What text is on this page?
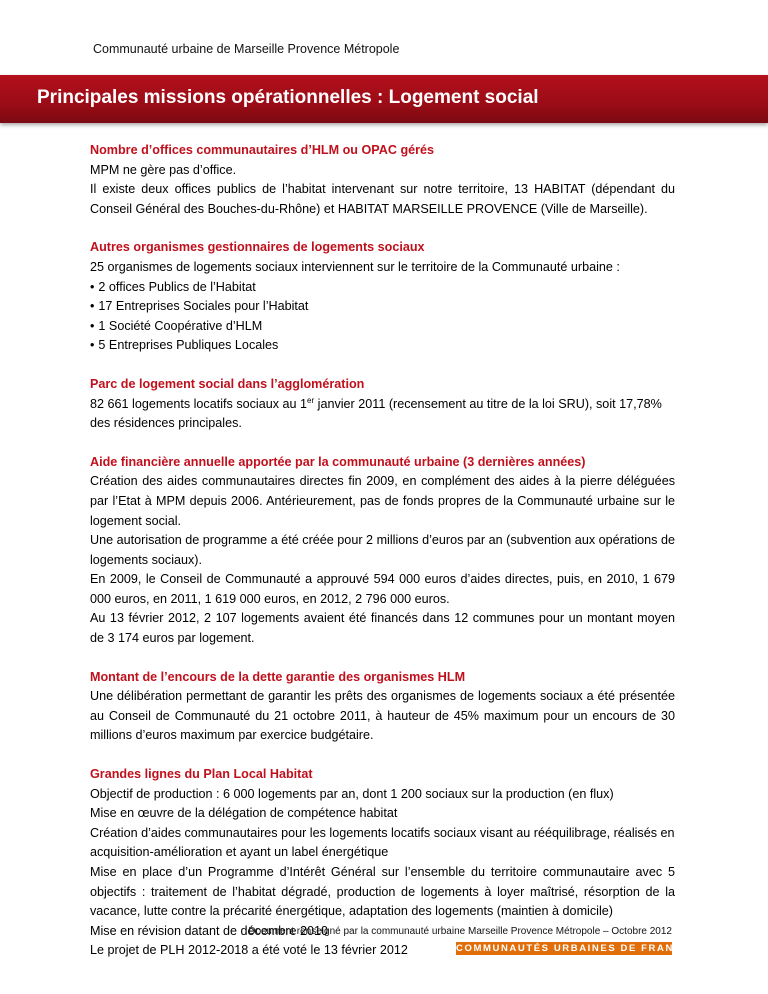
Communauté urbaine de Marseille Provence Métropole
Principales missions opérationnelles : Logement social
Nombre d’offices communautaires d’HLM ou OPAC gérés
MPM ne gère pas d’office.
Il existe deux offices publics de l’habitat intervenant sur notre territoire, 13 HABITAT (dépendant du Conseil Général des Bouches-du-Rhône) et HABITAT MARSEILLE PROVENCE (Ville de Marseille).
Autres organismes gestionnaires de logements sociaux
25 organismes de logements sociaux interviennent sur le territoire de la Communauté urbaine :
• 2 offices Publics de l’Habitat
• 17 Entreprises Sociales pour l’Habitat
• 1 Société Coopérative d’HLM
• 5 Entreprises Publiques Locales
Parc de logement social dans l’agglomération
82 661 logements locatifs sociaux au 1er janvier 2011 (recensement au titre de la loi SRU), soit 17,78% des résidences principales.
Aide financière annuelle apportée par la communauté urbaine (3 dernières années)
Création des aides communautaires directes fin 2009, en complément des aides à la pierre déléguées par l’Etat à MPM depuis 2006. Antérieurement, pas de fonds propres de la Communauté urbaine sur le logement social.
Une autorisation de programme a été créée pour 2 millions d’euros par an (subvention aux opérations de logements sociaux).
En 2009, le Conseil de Communauté a approuvé 594 000 euros d’aides directes, puis, en 2010, 1 679 000 euros, en 2011, 1 619 000 euros, en 2012, 2 796 000 euros.
Au 13 février 2012, 2 107 logements avaient été financés dans 12 communes pour un montant moyen de 3 174 euros par logement.
Montant de l’encours de la dette garantie des organismes HLM
Une délibération permettant de garantir les prêts des organismes de logements sociaux a été présentée au Conseil de Communauté du 21 octobre 2011, à hauteur de 45% maximum pour un encours de 30 millions d’euros maximum par exercice budgétaire.
Grandes lignes du Plan Local Habitat
Objectif de production : 6 000 logements par an, dont 1 200 sociaux sur la production (en flux)
Mise en œuvre de la délégation de compétence habitat
Création d’aides communautaires pour les logements locatifs sociaux visant au rééquilibrage, réalisés en acquisition-amélioration et ayant un label énergétique
Mise en place d’un Programme d’Intérêt Général sur l’ensemble du territoire communautaire avec 5 objectifs : traitement de l’habitat dégradé, production de logements à loyer maîtrisé, résorption de la vacance, lutte contre la précarité énergétique, adaptation des logements (maintien à domicile)
Mise en révision datant de décembre 2010
Le projet de PLH 2012-2018 a été voté le 13 février 2012
Document renseigné par la communauté urbaine Marseille Provence Métropole – Octobre 2012
COMMUNAUTÉS URBAINES DE FRANCE
